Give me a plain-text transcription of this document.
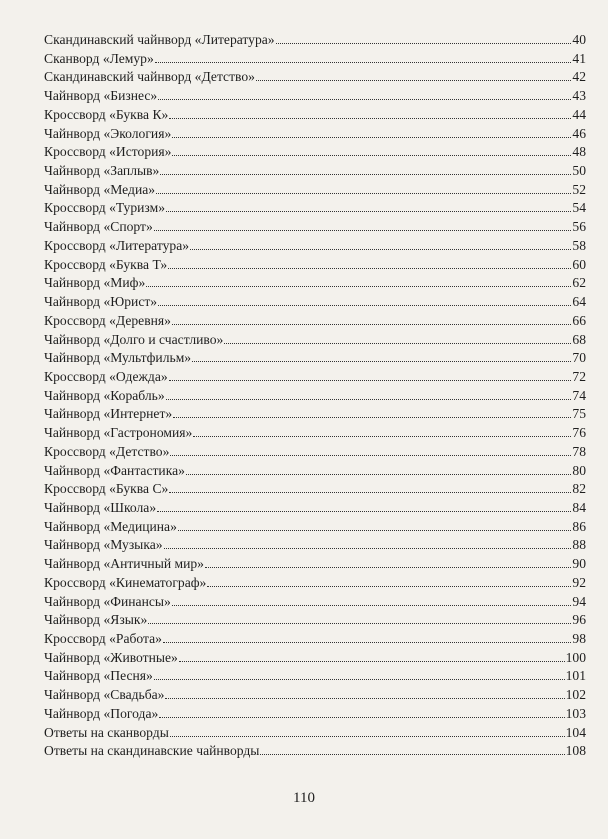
Скандинавский чайнворд «Литература»	40
Сканворд «Лемур»	41
Скандинавский чайнворд «Детство»	42
Чайнворд «Бизнес»	43
Кроссворд «Буква К»	44
Чайнворд «Экология»	46
Кроссворд «История»	48
Чайнворд «Заплыв»	50
Чайнворд «Медиа»	52
Кроссворд «Туризм»	54
Чайнворд «Спорт»	56
Кроссворд «Литература»	58
Кроссворд «Буква Т»	60
Чайнворд «Миф»	62
Чайнворд «Юрист»	64
Кроссворд «Деревня»	66
Чайнворд «Долго и счастливо»	68
Чайнворд «Мультфильм»	70
Кроссворд «Одежда»	72
Чайнворд «Корабль»	74
Чайнворд «Интернет»	75
Чайнворд «Гастрономия»	76
Кроссворд «Детство»	78
Чайнворд «Фантастика»	80
Кроссворд «Буква С»	82
Чайнворд «Школа»	84
Чайнворд «Медицина»	86
Чайнворд «Музыка»	88
Чайнворд «Античный мир»	90
Кроссворд «Кинематограф»	92
Чайнворд «Финансы»	94
Чайнворд «Язык»	96
Кроссворд «Работа»	98
Чайнворд «Животные»	100
Чайнворд «Песня»	101
Чайнворд «Свадьба»	102
Чайнворд «Погода»	103
Ответы на сканворды	104
Ответы на скандинавские чайнворды	108
110
